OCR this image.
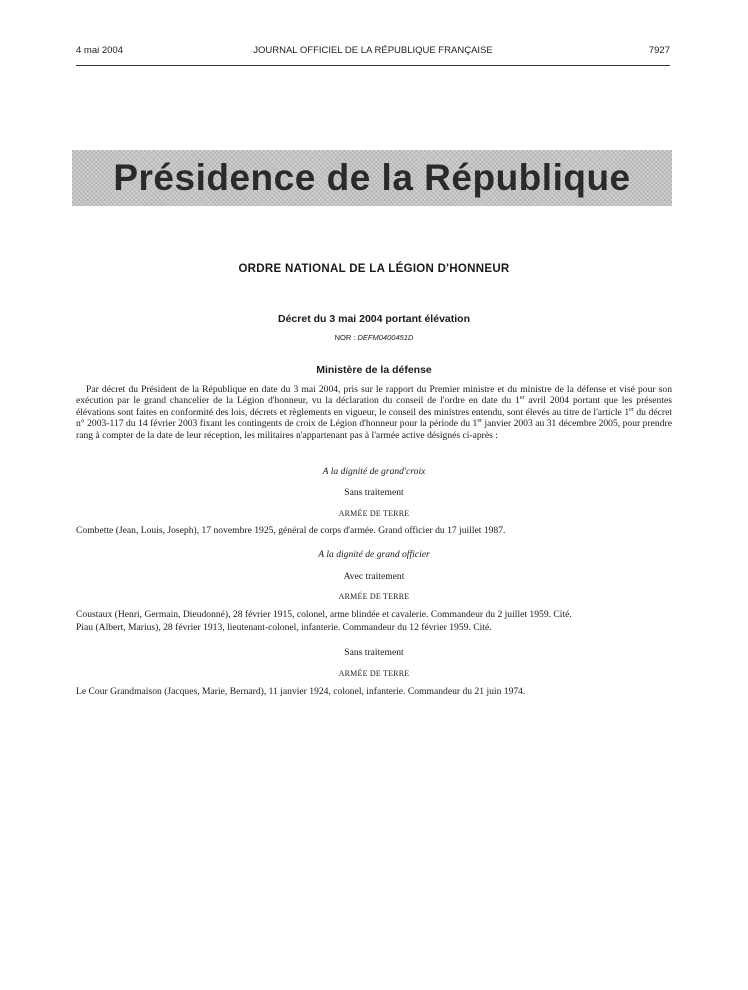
4 mai 2004	JOURNAL OFFICIEL DE LA RÉPUBLIQUE FRANÇAISE	7927
Présidence de la République
ORDRE NATIONAL DE LA LÉGION D'HONNEUR
Décret du 3 mai 2004 portant élévation
NOR : DEFM0400451D
Ministère de la défense
Par décret du Président de la République en date du 3 mai 2004, pris sur le rapport du Premier ministre et du ministre de la défense et visé pour son exécution par le grand chancelier de la Légion d'honneur, vu la déclaration du conseil de l'ordre en date du 1er avril 2004 portant que les présentes élévations sont faites en conformité des lois, décrets et règlements en vigueur, le conseil des ministres entendu, sont élevés au titre de l'article 1er du décret n° 2003-117 du 14 février 2003 fixant les contingents de croix de Légion d'honneur pour la période du 1er janvier 2003 au 31 décembre 2005, pour prendre rang à compter de la date de leur réception, les militaires n'appartenant pas à l'armée active désignés ci-après :
A la dignité de grand'croix
Sans traitement
ARMÉE DE TERRE
Combette (Jean, Louis, Joseph), 17 novembre 1925, général de corps d'armée. Grand officier du 17 juillet 1987.
A la dignité de grand officier
Avec traitement
ARMÉE DE TERRE
Coustaux (Henri, Germain, Dieudonné), 28 février 1915, colonel, arme blindée et cavalerie. Commandeur du 2 juillet 1959. Cité.
Piau (Albert, Marius), 28 février 1913, lieutenant-colonel, infanterie. Commandeur du 12 février 1959. Cité.
Sans traitement
ARMÉE DE TERRE
Le Cour Grandmaison (Jacques, Marie, Bernard), 11 janvier 1924, colonel, infanterie. Commandeur du 21 juin 1974.
